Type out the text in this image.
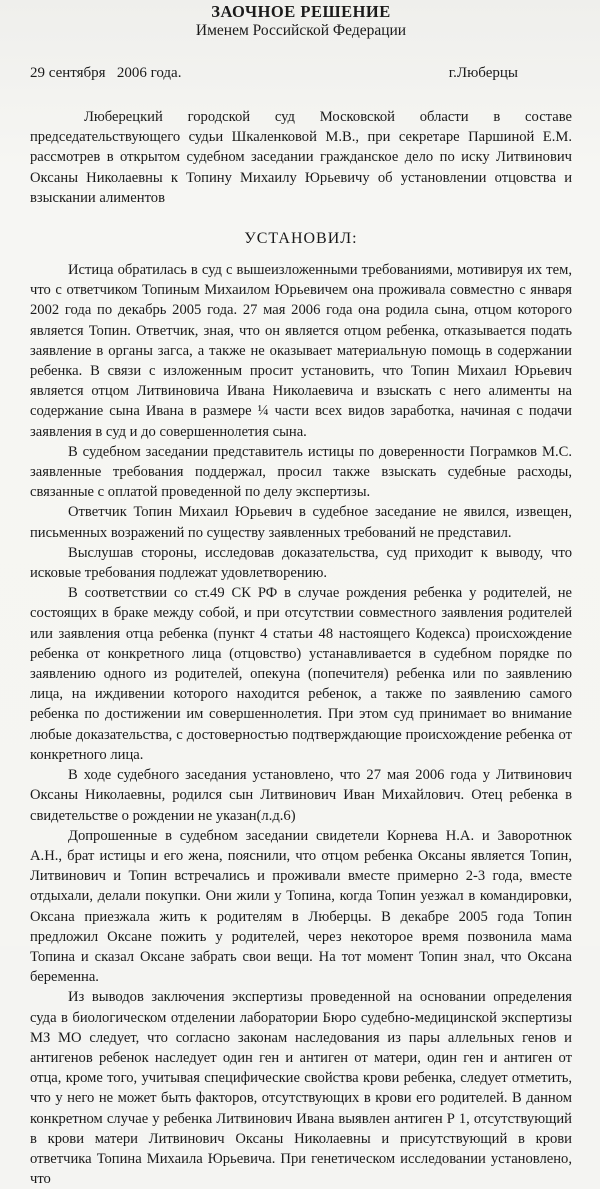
ЗАОЧНОЕ РЕШЕНИЕ
Именем Российской Федерации
29 сентября   2006 года.	г.Люберцы

Люберецкий городской суд Московской области в составе председательствующего судьи Шкаленковой М.В., при секретаре Паршиной Е.М. рассмотрев в открытом судебном заседании гражданское дело по иску Литвинович Оксаны Николаевны к Топину Михаилу Юрьевичу об установлении отцовства и взыскании алиментов

УСТАНОВИЛ:

Истица обратилась в суд с вышеизложенными требованиями, мотивируя их тем, что с ответчиком Топиным Михаилом Юрьевичем она проживала совместно с января 2002 года по декабрь 2005 года. 27 мая 2006 года она родила сына, отцом которого является Топин. Ответчик, зная, что он является отцом ребенка, отказывается подать заявление в органы загса, а также не оказывает материальную помощь в содержании ребенка. В связи с изложенным просит установить, что Топин Михаил Юрьевич является отцом Литвиновича Ивана Николаевича и взыскать с него алименты на содержание сына Ивана в размере ¼ части всех видов заработка, начиная с подачи заявления в суд и до совершеннолетия сына.

В судебном заседании представитель истицы по доверенности Пограмков М.С. заявленные требования поддержал, просил также взыскать судебные расходы, связанные с оплатой проведенной по делу экспертизы.

Ответчик Топин Михаил Юрьевич в судебное заседание не явился, извещен, письменных возражений по существу заявленных требований не представил.

Выслушав стороны, исследовав доказательства, суд приходит к выводу, что исковые требования подлежат удовлетворению.

В соответствии со ст.49 СК РФ в случае рождения ребенка у родителей, не состоящих в браке между собой, и при отсутствии совместного заявления родителей или заявления отца ребенка (пункт 4 статьи 48 настоящего Кодекса) происхождение ребенка от конкретного лица (отцовство) устанавливается в судебном порядке по заявлению одного из родителей, опекуна (попечителя) ребенка или по заявлению лица, на иждивении которого находится ребенок, а также по заявлению самого ребенка по достижении им совершеннолетия. При этом суд принимает во внимание любые доказательства, с достоверностью подтверждающие происхождение ребенка от конкретного лица.

В ходе судебного заседания установлено, что 27 мая 2006 года у Литвинович Оксаны Николаевны, родился сын Литвинович Иван Михайлович. Отец ребенка в свидетельстве о рождении не указан(л.д.6)

Допрошенные в судебном заседании свидетели Корнева Н.А. и Заворотнюк А.Н., брат истицы и его жена, пояснили, что отцом ребенка Оксаны является Топин, Литвинович и Топин встречались и проживали вместе примерно 2-3 года, вместе отдыхали, делали покупки. Они жили у Топина, когда Топин уезжал в командировки, Оксана приезжала жить к родителям в Люберцы. В декабре 2005 года Топин предложил Оксане пожить у родителей, через некоторое время позвонила мама Топина и сказал Оксане забрать свои вещи. На тот момент Топин знал, что Оксана беременна.

Из выводов заключения экспертизы проведенной на основании определения суда в биологическом отделении лаборатории Бюро судебно-медицинской экспертизы МЗ МО следует, что согласно законам наследования из пары аллельных генов и антигенов ребенок наследует один ген и антиген от матери, один ген и антиген от отца, кроме того, учитывая специфические свойства крови ребенка, следует отметить, что у него не может быть факторов, отсутствующих в крови его родителей. В данном конкретном случае у ребенка Литвинович Ивана выявлен антиген Р 1, отсутствующий в крови матери Литвинович Оксаны Николаевны и присутствующий в крови ответчика Топина Михаила Юрьевича. При генетическом исследовании установлено, что
